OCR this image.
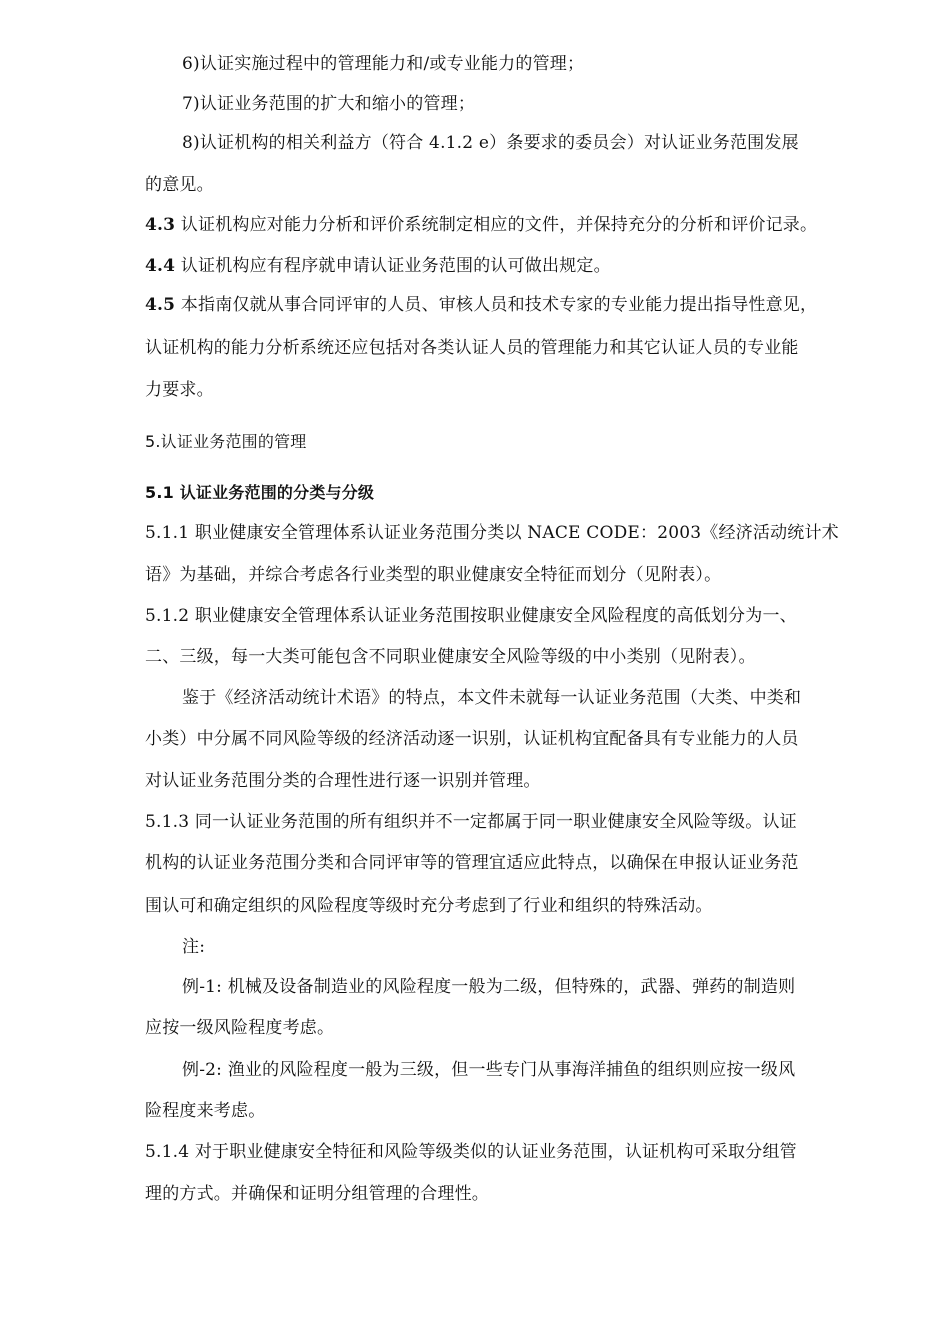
6)认证实施过程中的管理能力和/或专业能力的管理；
7)认证业务范围的扩大和缩小的管理；
8)认证机构的相关利益方（符合 4.1.2 e）条要求的委员会）对认证业务范围发展
的意见。
4.3 认证机构应对能力分析和评价系统制定相应的文件，并保持充分的分析和评价记录。
4.4 认证机构应有程序就申请认证业务范围的认可做出规定。
4.5 本指南仅就从事合同评审的人员、审核人员和技术专家的专业能力提出指导性意见，
认证机构的能力分析系统还应包括对各类认证人员的管理能力和其它认证人员的专业能
力要求。
5.认证业务范围的管理
5.1 认证业务范围的分类与分级
5.1.1 职业健康安全管理体系认证业务范围分类以 NACE CODE：2003《经济活动统计术
语》为基础，并综合考虑各行业类型的职业健康安全特征而划分（见附表）。
5.1.2 职业健康安全管理体系认证业务范围按职业健康安全风险程度的高低划分为一、
二、三级，每一大类可能包含不同职业健康安全风险等级的中小类别（见附表）。
鉴于《经济活动统计术语》的特点，本文件未就每一认证业务范围（大类、中类和
小类）中分属不同风险等级的经济活动逐一识别，认证机构宜配备具有专业能力的人员
对认证业务范围分类的合理性进行逐一识别并管理。
5.1.3 同一认证业务范围的所有组织并不一定都属于同一职业健康安全风险等级。认证
机构的认证业务范围分类和合同评审等的管理宜适应此特点，以确保在申报认证业务范
围认可和确定组织的风险程度等级时充分考虑到了行业和组织的特殊活动。
注:
例-1: 机械及设备制造业的风险程度一般为二级，但特殊的，武器、弹药的制造则
应按一级风险程度考虑。
例-2: 渔业的风险程度一般为三级，但一些专门从事海洋捕鱼的组织则应按一级风
险程度来考虑。
5.1.4 对于职业健康安全特征和风险等级类似的认证业务范围，认证机构可采取分组管
理的方式。并确保和证明分组管理的合理性。
